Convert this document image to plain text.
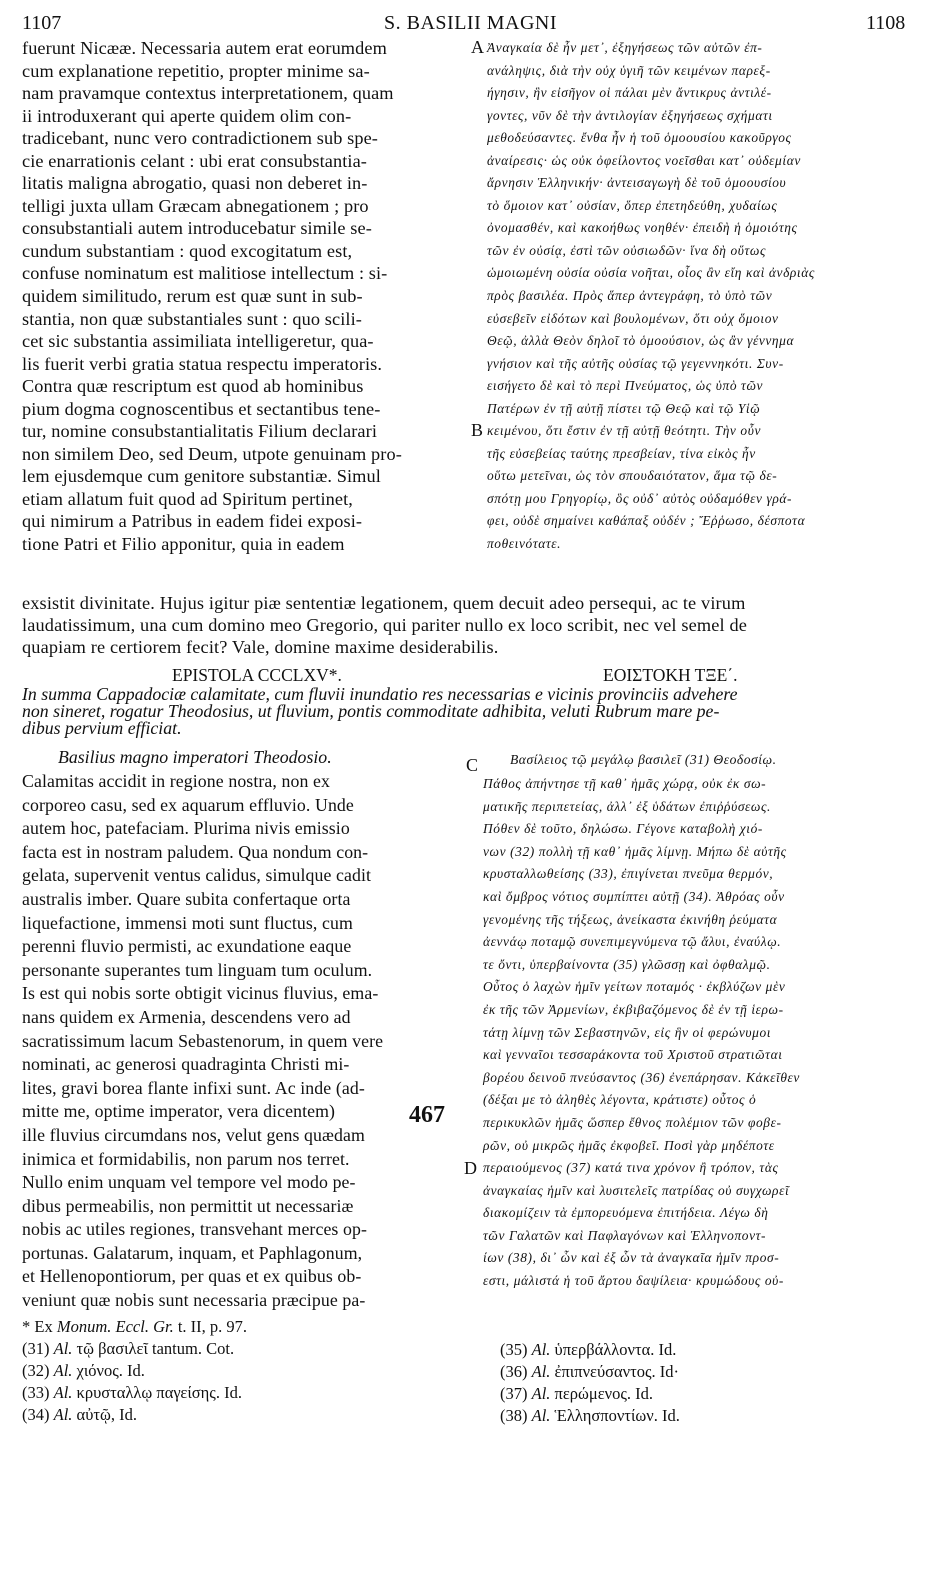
1107	S. BASILII MAGNI	1108
A
B
C
D
fuerunt Nicææ. Necessaria autem erat eorumdem
cum explanatione repetitio, propter minime sa-
nam pravamque contextus interpretationem, quam
ii introduxerant qui aperte quidem olim con-
tradicebant, nunc vero contradictionem sub spe-
cie enarrationis celant : ubi erat consubstantia-
litatis maligna abrogatio, quasi non deberet in-
telligi juxta ullam Græcam abnegationem ; pro
consubstantiali autem introducebatur simile se-
cundum substantiam : quod excogitatum est,
confuse nominatum est malitiose intellectum : si-
quidem similitudo, rerum est quæ sunt in sub-
stantia, non quæ substantiales sunt : quo scili-
cet sic substantia assimiliata intelligeretur, qua-
lis fuerit verbi gratia statua respectu imperatoris.
Contra quæ rescriptum est quod ab hominibus
pium dogma cognoscentibus et sectantibus tene-
tur, nomine consubstantialitatis Filium declarari
non similem Deo, sed Deum, utpote genuinam pro-
lem ejusdemque cum genitore substantiæ. Simul
etiam allatum fuit quod ad Spiritum pertinet,
qui nimirum a Patribus in eadem fidei exposi-
tione Patri et Filio apponitur, quia in eadem
Ἀναγκαία δὲ ἦν μετ᾽, ἐξηγήσεως τῶν αὐτῶν ἐπ-
ανάληψις, διὰ τὴν οὐχ ὑγιῆ τῶν κειμένων παρεξ-
ήγησιν, ἣν εἰσῆγον οἱ πάλαι μὲν ἄντικρυς ἀντιλέ-
γοντες, νῦν δὲ τὴν ἀντιλογίαν ἐξηγήσεως σχήματι
μεθοδεύσαντες. ἔνθα ἦν ἡ τοῦ ὁμοουσίου κακοῦργος
ἀναίρεσις· ὡς οὐκ ὀφείλοντος νοεῖσθαι κατ᾽ οὐδεμίαν
ἄρνησιν Ἑλληνικήν· ἀντεισαγωγὴ δὲ τοῦ ὁμοουσίου
τὸ ὅμοιον κατ᾽ οὐσίαν, ὅπερ ἐπετηδεύθη, χυδαίως
ὀνομασθέν, καὶ κακοήθως νοηθέν· ἐπειδὴ ἡ ὁμοιότης
τῶν ἐν οὐσίᾳ, ἐστὶ τῶν οὐσιωδῶν· ἵνα δὴ οὕτως
ὡμοιωμένη οὐσία οὐσία νοῆται, οἷος ἂν εἴη καὶ ἀνδριὰς
πρὸς βασιλέα. Πρὸς ἅπερ ἀντεγράφη, τὸ ὑπὸ τῶν
εὐσεβεῖν εἰδότων καὶ βουλομένων, ὅτι οὐχ ὅμοιον
Θεῷ, ἀλλὰ Θεὸν δηλοῖ τὸ ὁμοούσιον, ὡς ἂν γέννημα
γνήσιον καὶ τῆς αὐτῆς οὐσίας τῷ γεγεννηκότι. Συν-
εισήγετο δὲ καὶ τὸ περὶ Πνεύματος, ὡς ὑπὸ τῶν
Πατέρων ἐν τῇ αὐτῇ πίστει τῷ Θεῷ καὶ τῷ Υἱῷ
κειμένου, ὅτι ἔστιν ἐν τῇ αὐτῇ θεότητι. Τὴν οὖν
τῆς εὐσεβείας ταύτης πρεσβείαν, τίνα εἰκὸς ἦν
οὕτω μετεῖναι, ὡς τὸν σπουδαιότατον, ἅμα τῷ δε-
σπότῃ μου Γρηγορίῳ, ὃς οὐδ᾽ αὐτὸς οὐδαμόθεν γρά-
φει, οὐδὲ σημαίνει καθάπαξ οὐδέν ; Ἔῤῥωσο, δέσποτα
ποθεινότατε.
exsistit divinitate. Hujus igitur piæ sententiæ legationem, quem decuit adeo persequi, ac te virum
laudatissimum, una cum domino meo Gregorio, qui pariter nullo ex loco scribit, nec vel semel de
quapiam re certiorem fecit? Vale, domine maxime desiderabilis.
EPISTOLA CCCLXV*.	ΕΟΙΣΤΟΚΗ ΤΞΕ΄.
In summa Cappadociæ calamitate, cum fluvii inundatio res necessarias e vicinis provinciis advehere
non sineret, rogatur Theodosius, ut fluvium, pontis commoditate adhibita, veluti Rubrum mare pe-
dibus pervium efficiat.
Basilius magno imperatori Theodosio.	Βασίλειος τῷ μεγάλῳ βασιλεῖ (31) Θεοδοσίῳ.
Calamitas accidit in regione nostra, non ex
corporeo casu, sed ex aquarum effluvio. Unde
autem hoc, patefaciam. Plurima nivis emissio
facta est in nostram paludem. Qua nondum con-
gelata, supervenit ventus calidus, simulque cadit
australis imber. Quare subita confertaque orta
liquefactione, immensi moti sunt fluctus, cum
perenni fluvio permisti, ac exundatione eaque
personante superantes tum linguam tum oculum.
Is est qui nobis sorte obtigit vicinus fluvius, ema-
nans quidem ex Armenia, descendens vero ad
sacratissimum lacum Sebastenorum, in quem vere
nominati, ac generosi quadraginta Christi mi-
lites, gravi borea flante infixi sunt. Ac inde (ad-
mitte me, optime imperator, vera dicentem)
ille fluvius circumdans nos, velut gens quædam
inimica et formidabilis, non parum nos terret.
Nullo enim unquam vel tempore vel modo pe-
dibus permeabilis, non permittit ut necessariæ
nobis ac utiles regiones, transvehant merces op-
portunas. Galatarum, inquam, et Paphlagonum,
et Hellenopontiorum, per quas et ex quibus ob-
veniunt quæ nobis sunt necessaria præcipue pa-
467
Πάθος ἀπήντησε τῇ καθ᾽ ἡμᾶς χώρᾳ, οὐκ ἐκ σω-
ματικῆς περιπετείας, ἀλλ᾽ ἐξ ὑδάτων ἐπιῤῥύσεως.
Πόθεν δὲ τοῦτο, δηλώσω. Γέγονε καταβολὴ χιό-
νων (32) πολλὴ τῇ καθ᾽ ἡμᾶς λίμνῃ. Μήπω δὲ αὐτῆς
κρυσταλλωθείσης (33), ἐπιγίνεται πνεῦμα θερμόν,
καὶ ὄμβρος νότιος συμπίπτει αὐτῇ (34). Ἀθρόας οὖν
γενομένης τῆς τήξεως, ἀνείκαστα ἐκινήθη ῥεύματα
ἀεννάῳ ποταμῷ συνεπιμεγνύμενα τῷ ἄλυι, ἐναύλῳ.
τε ὄντι, ὑπερβαίνοντα (35) γλῶσσῃ καὶ ὀφθαλμῷ.
Οὗτος ὁ λαχὼν ἡμῖν γείτων ποταμός · ἐκβλύζων μὲν
ἐκ τῆς τῶν Ἀρμενίων, ἐκβιβαζόμενος δὲ ἐν τῇ ἱερω-
τάτῃ λίμνῃ τῶν Σεβαστηνῶν, εἰς ἣν οἱ φερώνυμοι
καὶ γενναῖοι τεσσαράκοντα τοῦ Χριστοῦ στρατιῶται
βορέου δεινοῦ πνεύσαντος (36) ἐνεπάρησαν. Κἀκεῖθεν
(δέξαι με τὸ ἀληθὲς λέγοντα, κράτιστε) οὗτος ὁ
περικυκλῶν ἡμᾶς ὥσπερ ἔθνος πολέμιον τῶν φοβε-
ρῶν, οὐ μικρῶς ἡμᾶς ἐκφοβεῖ. Ποσὶ γὰρ μηδέποτε
περαιούμενος (37) κατά τινα χρόνον ἢ τρόπον, τὰς
ἀναγκαίας ἡμῖν καὶ λυσιτελεῖς πατρίδας οὐ συγχωρεῖ
διακομίζειν τὰ ἐμπορευόμενα ἐπιτήδεια. Λέγω δὴ
τῶν Γαλατῶν καὶ Παφλαγόνων καὶ Ἑλληνοποντ-
ίων (38), δι᾽ ὧν καὶ ἐξ ὧν τὰ ἀναγκαῖα ἡμῖν προσ-
εστι, μάλιστά ἡ τοῦ ἄρτου δαψίλεια· κρυμώδους οὐ-
* Ex Monum. Eccl. Gr. t. II, p. 97.
(31) Al. τῷ βασιλεῖ tantum. Cot.
(32) Al. χιόνος. Id.
(33) Al. κρυσταλλῳ παγείσης. Id.
(34) Al. αὐτῷ, Id.
(35) Al. ὑπερβάλλοντα. Id.
(36) Al. ἐπιπνεύσαντος. Id·
(37) Al. περώμενος. Id.
(38) Al. Ἑλλησποντίων. Id.
